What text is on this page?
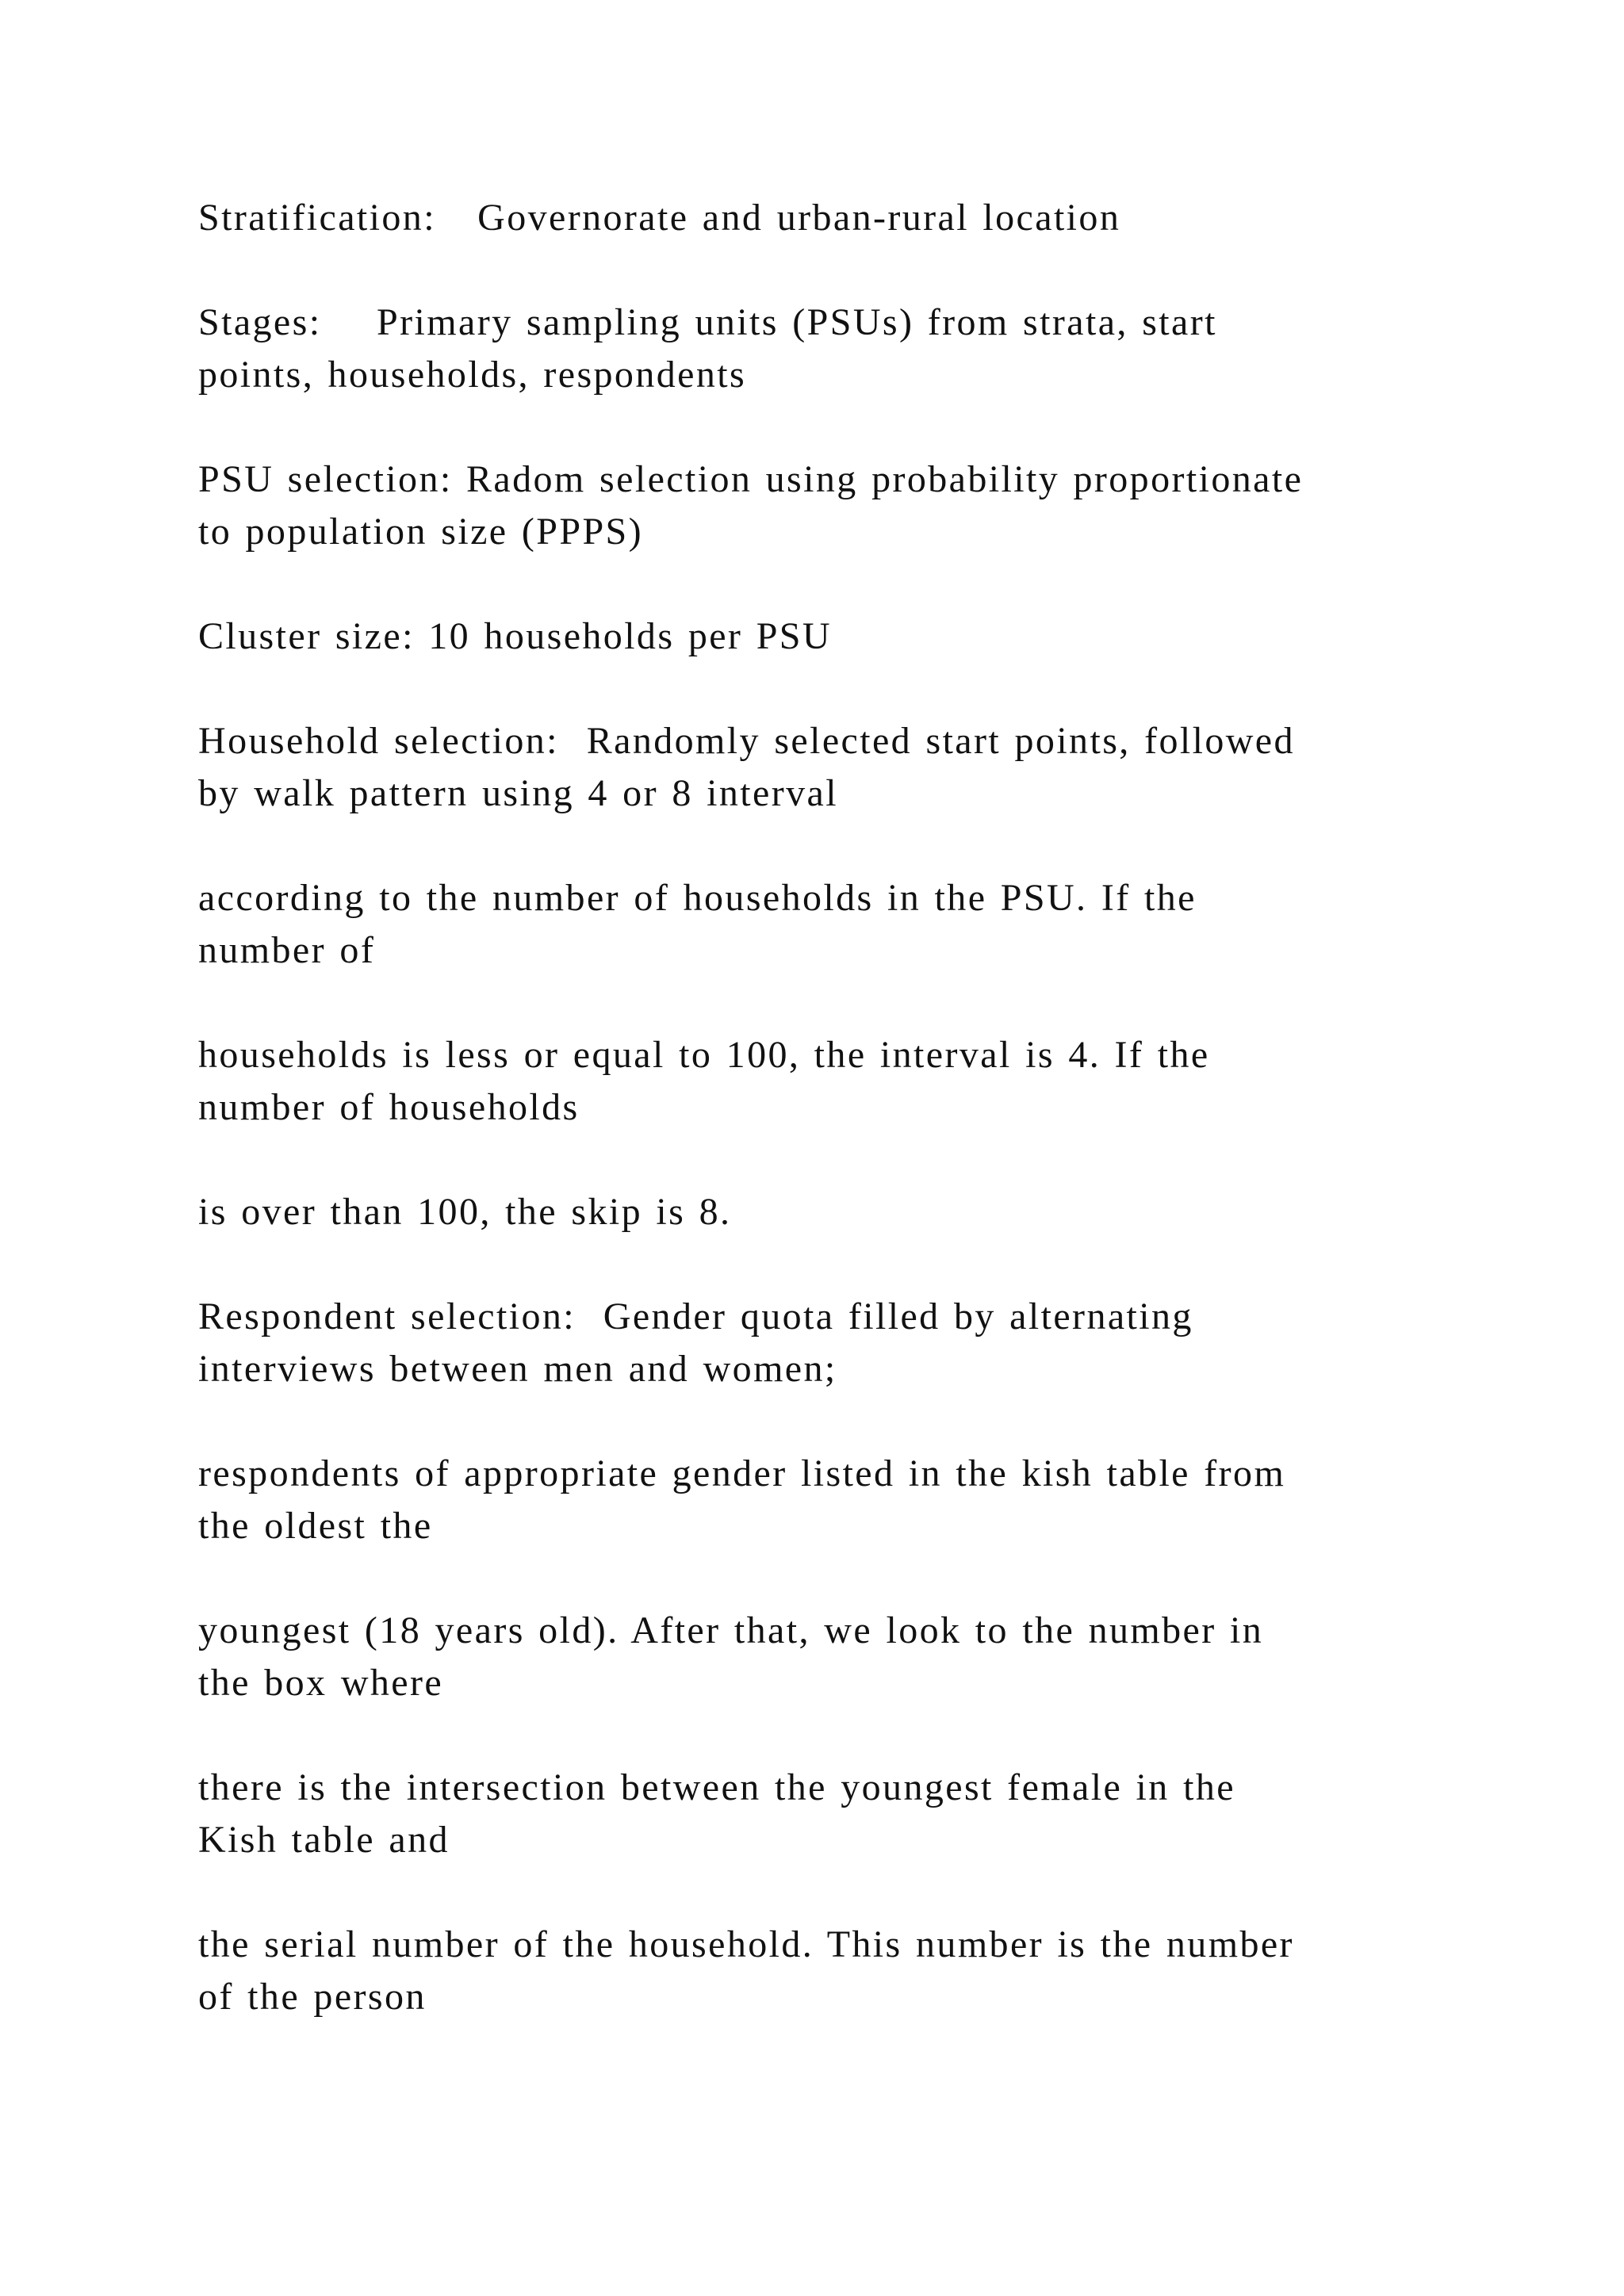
Stratification:   Governorate and urban-rural location

Stages:    Primary sampling units (PSUs) from strata, start
points, households, respondents

PSU selection: Radom selection using probability proportionate
to population size (PPPS)

Cluster size: 10 households per PSU

Household selection:  Randomly selected start points, followed
by walk pattern using 4 or 8 interval

according to the number of households in the PSU. If the
number of

households is less or equal to 100, the interval is 4. If the
number of households

is over than 100, the skip is 8.

Respondent selection:  Gender quota filled by alternating
interviews between men and women;

respondents of appropriate gender listed in the kish table from
the oldest the

youngest (18 years old). After that, we look to the number in
the box where

there is the intersection between the youngest female in the
Kish table and

the serial number of the household. This number is the number
of the person
